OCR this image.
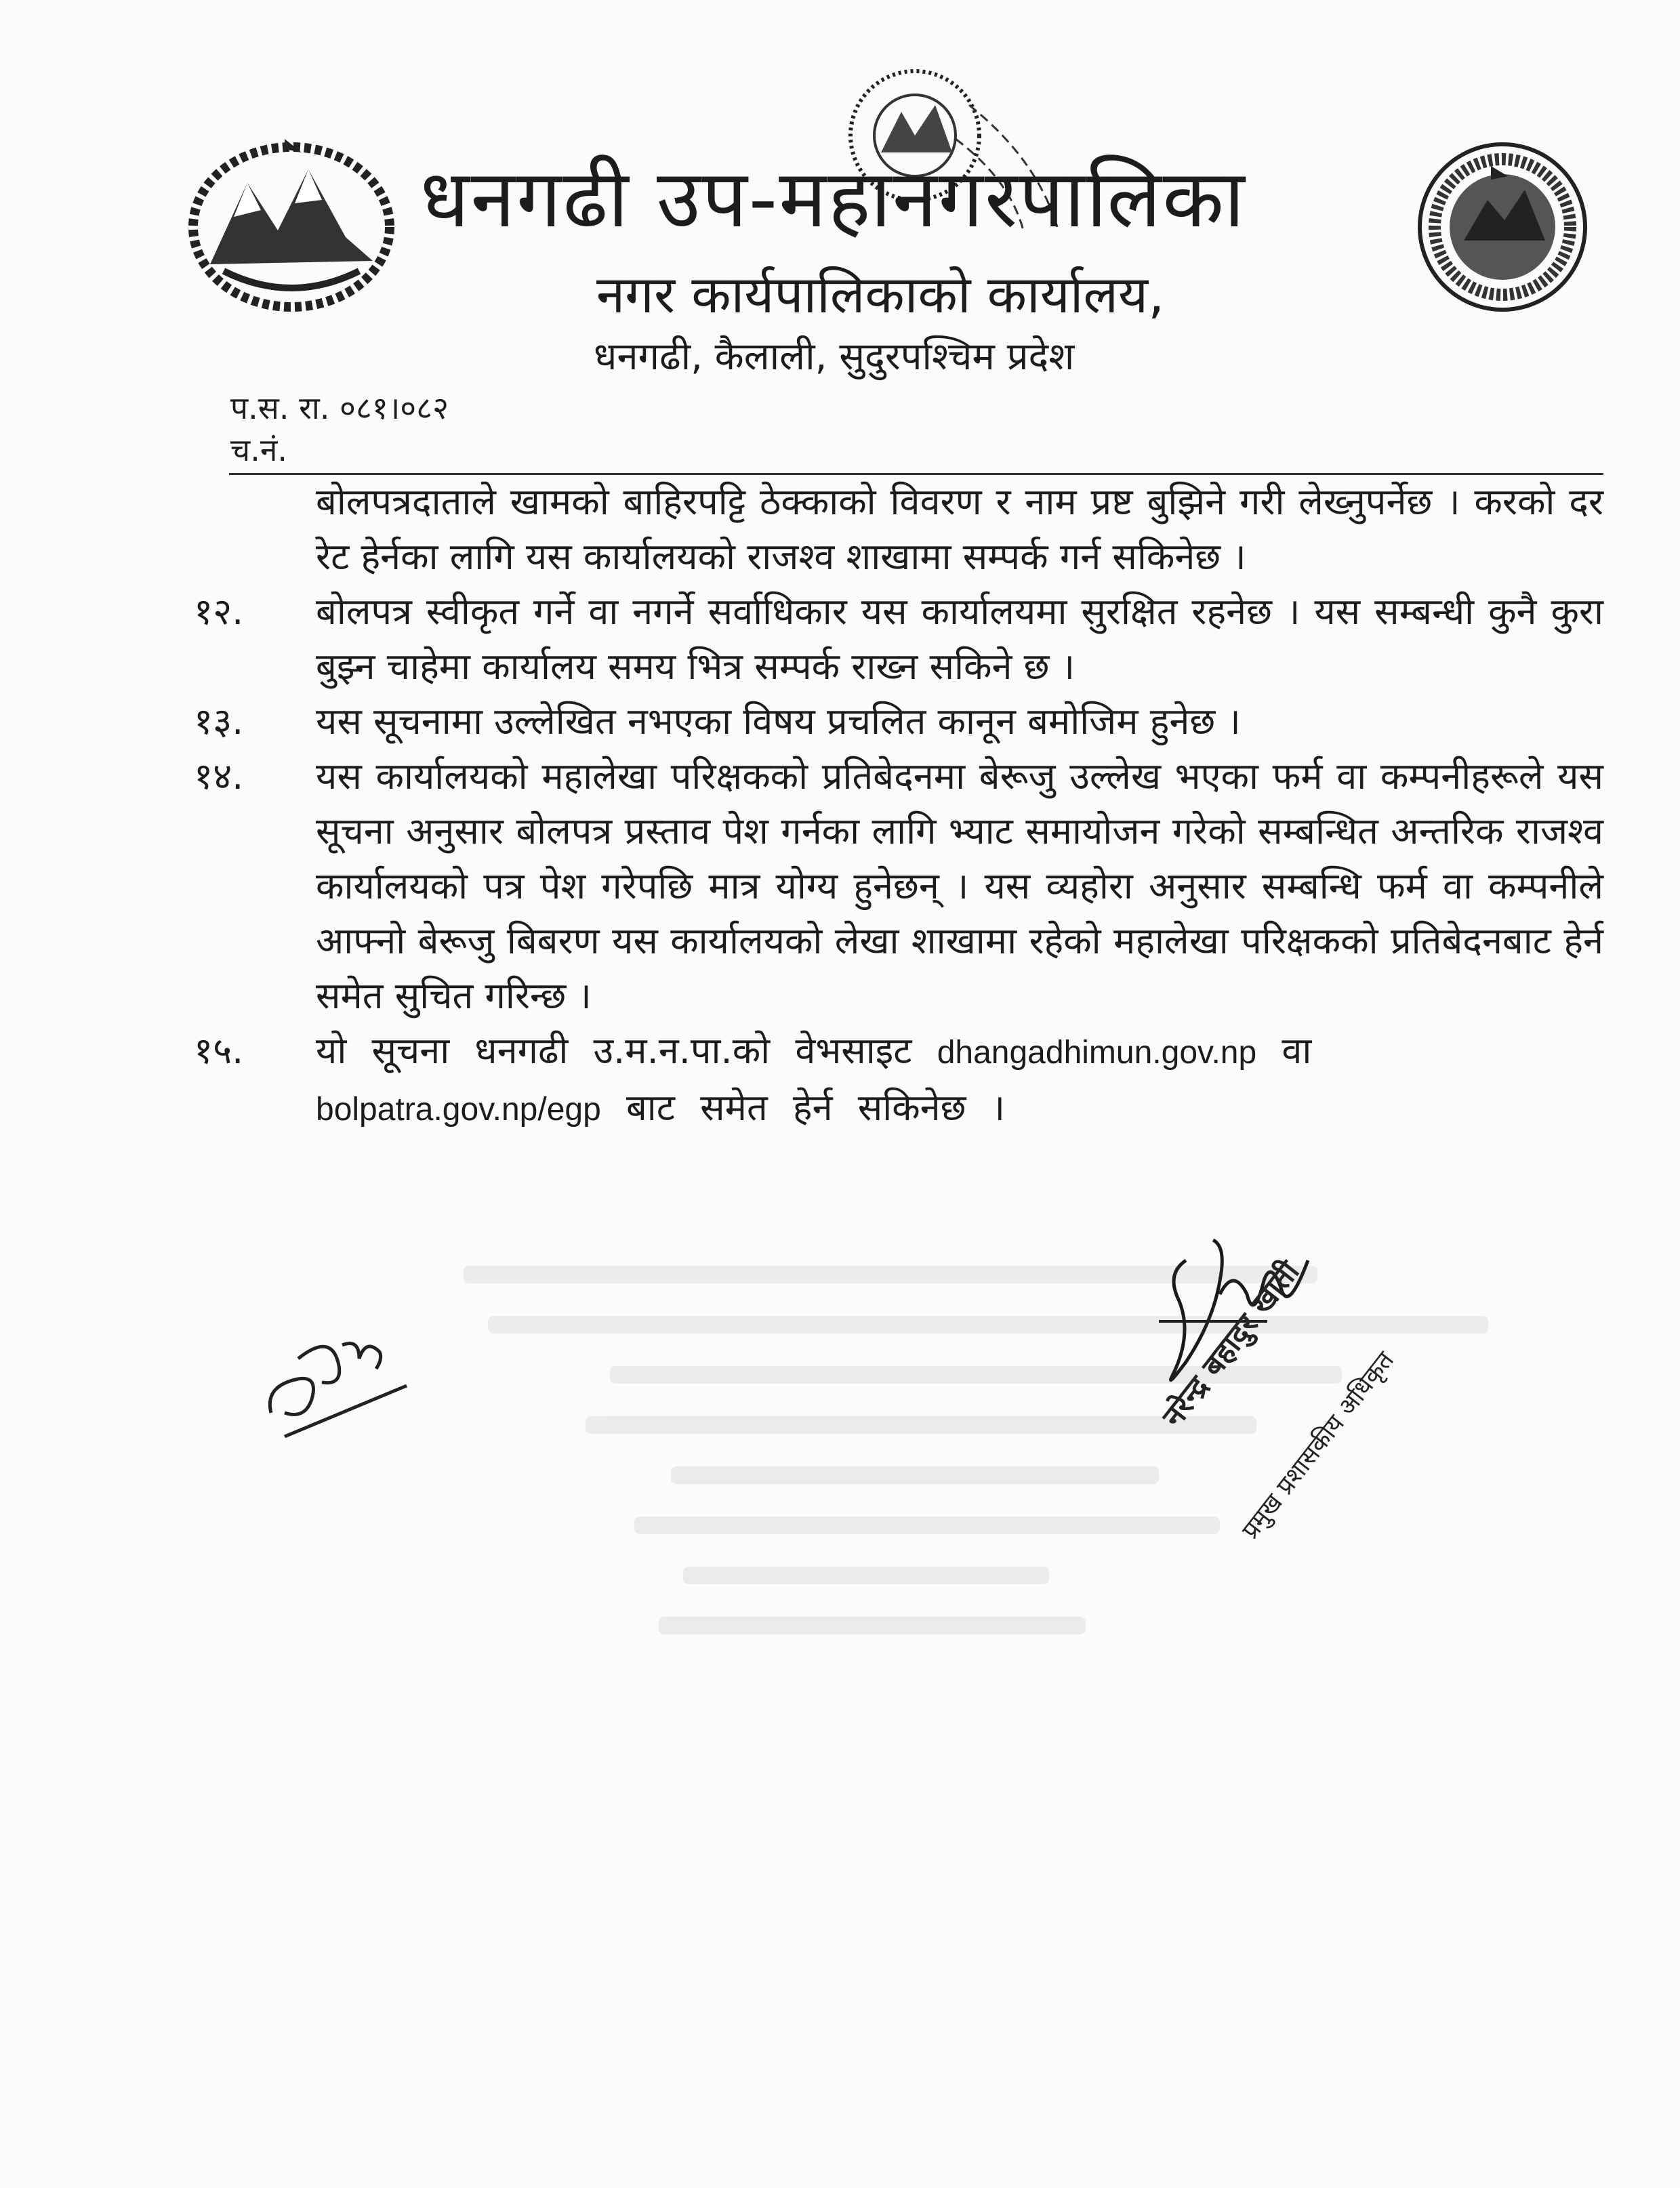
धनगढी उप-महानगरपालिका
नगर कार्यपालिकाको कार्यालय,
धनगढी, कैलाली, सुदुरपश्चिम प्रदेश
प.स. रा. ०८१।०८२
च.नं.

बोलपत्रदाताले खामको बाहिरपट्टि ठेक्काको विवरण र नाम प्रष्ट बुझिने गरी लेख्नुपर्नेछ । करको दर रेट हेर्नका लागि यस कार्यालयको राजश्व शाखामा सम्पर्क गर्न सकिनेछ ।

१२.	बोलपत्र स्वीकृत गर्ने वा नगर्ने सर्वाधिकार यस कार्यालयमा सुरक्षित रहनेछ । यस सम्बन्धी कुनै कुरा बुझ्न चाहेमा कार्यालय समय भित्र सम्पर्क राख्न सकिने छ ।
१३.	यस सूचनामा उल्लेखित नभएका विषय प्रचलित कानून बमोजिम हुनेछ ।
१४.	यस कार्यालयको महालेखा परिक्षकको प्रतिबेदनमा बेरूजु उल्लेख भएका फर्म वा कम्पनीहरूले यस सूचना अनुसार बोलपत्र प्रस्ताव पेश गर्नका लागि भ्याट समायोजन गरेको सम्बन्धित अन्तरिक राजश्व कार्यालयको पत्र पेश गरेपछि मात्र योग्य हुनेछन् । यस व्यहोरा अनुसार सम्बन्धि फर्म वा कम्पनीले आफ्नो बेरूजु बिबरण यस कार्यालयको लेखा शाखामा रहेको महालेखा परिक्षकको प्रतिबेदनबाट हेर्न समेत सुचित गरिन्छ ।
१५.	यो सूचना धनगढी उ.म.न.पा.को वेभसाइट dhangadhimun.gov.np वा
bolpatra.gov.np/egp बाट समेत हेर्न सकिनेछ ।
नरेन्द्र बहादुर खाती
प्रमुख प्रशासकीय अधिकृत
